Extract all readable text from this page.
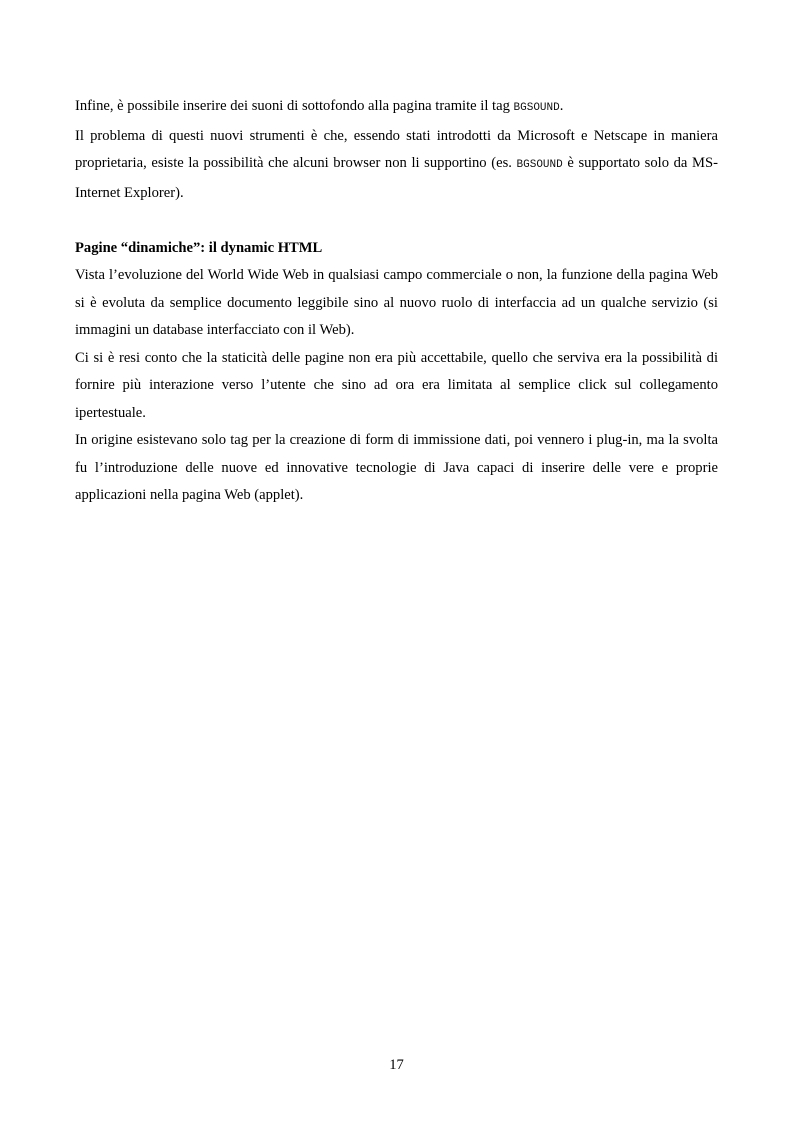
Infine, è possibile inserire dei suoni di sottofondo alla pagina tramite il tag BGSOUND.

Il problema di questi nuovi strumenti è che, essendo stati introdotti da Microsoft e Netscape in maniera proprietaria, esiste la possibilità che alcuni browser non li supportino (es. BGSOUND è supportato solo da MS-Internet Explorer).

Pagine “dinamiche”: il dynamic HTML

Vista l’evoluzione del World Wide Web in qualsiasi campo commerciale o non, la funzione della pagina Web si è evoluta da semplice documento leggibile sino al nuovo ruolo di interfaccia ad un qualche servizio (si immagini un database interfacciato con il Web).

Ci si è resi conto che la staticità delle pagine non era più accettabile, quello che serviva era la possibilità di fornire più interazione verso l’utente che sino ad ora era limitata al semplice click sul collegamento ipertestuale.

In origine esistevano solo tag per la creazione di form di immissione dati, poi vennero i plug-in, ma la svolta fu l’introduzione delle nuove ed innovative tecnologie di Java capaci di inserire delle vere e proprie applicazioni nella pagina Web (applet).

17
